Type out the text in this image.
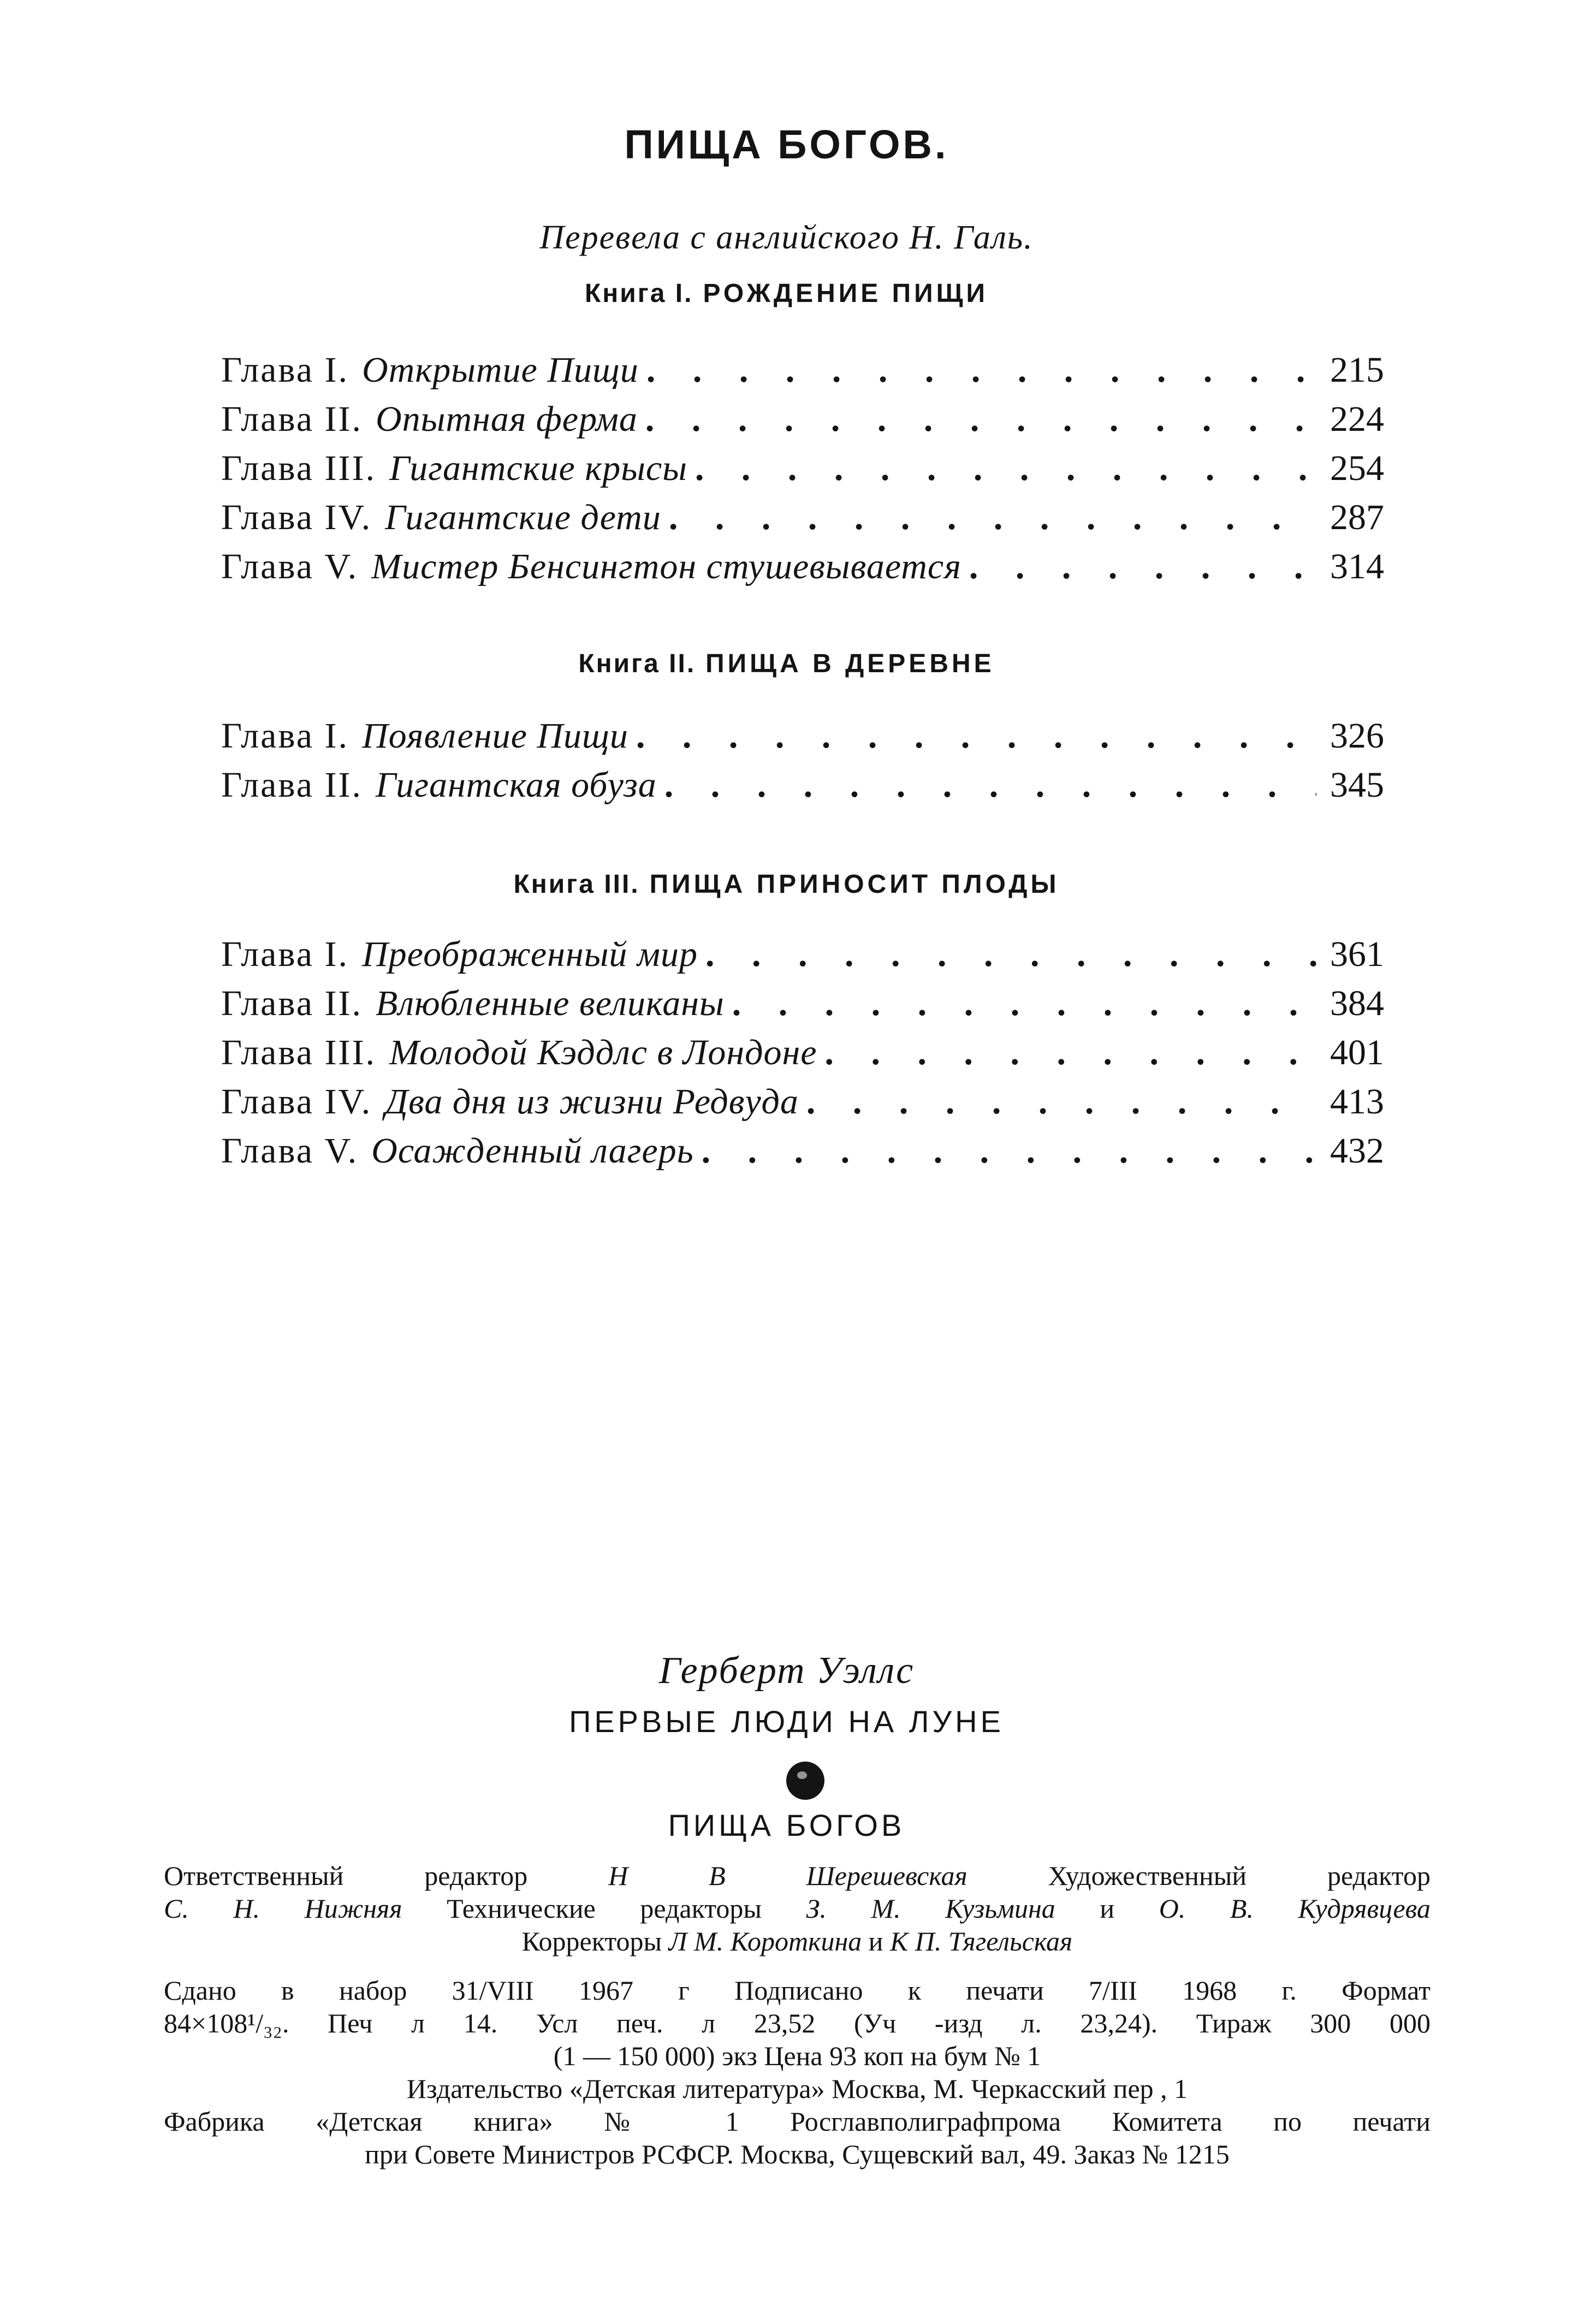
ПИЩА БОГОВ.
Перевела с английского Н. Галь.
Книга I. РОЖДЕНИЕ ПИЩИ
Глава I. Открытие Пищи . . .	215
Глава II. Опытная ферма . . .	224
Глава III. Гигантские крысы . . .	254
Глава IV. Гигантские дети . . .	287
Глава V. Мистер Бенсингтон стушевывается . . .	314
Книга II. ПИЩА В ДЕРЕВНЕ
Глава I. Появление Пищи . . .	326
Глава II. Гигантская обуза . . .	345
Книга III. ПИЩА ПРИНОСИТ ПЛОДЫ
Глава I. Преображенный мир . . .	361
Глава II. Влюбленные великаны . . .	384
Глава III. Молодой Кэддлс в Лондоне . . .	401
Глава IV. Два дня из жизни Редвуда . . .	413
Глава V. Осажденный лагерь . . .	432
Герберт Уэллс
ПЕРВЫЕ ЛЮДИ НА ЛУНЕ
ПИЩА БОГОВ
Ответственный редактор	Н В Шерешевская	Художественный редактор
С. Н. Нижняя Технические редакторы З. М. Кузьмина и О. В. Кудрявцева
Корректоры Л М. Короткина и К П. Тягельская
Сдано в набор 31/VIII 1967 г Подписано к печати 7/III 1968 г. Формат
84×108¹/₃₂. Печ л 14. Усл печ. л 23,52 (Уч -изд л. 23,24). Тираж 300 000
(1 — 150 000) экз Цена 93 коп на бум № 1
Издательство «Детская литература» Москва, М. Черкасский пер , 1
Фабрика «Детская книга» № 1 Росглавполиграфпрома Комитета по печати
при Совете Министров РСФСР. Москва, Сущевский вал, 49. Заказ № 1215
